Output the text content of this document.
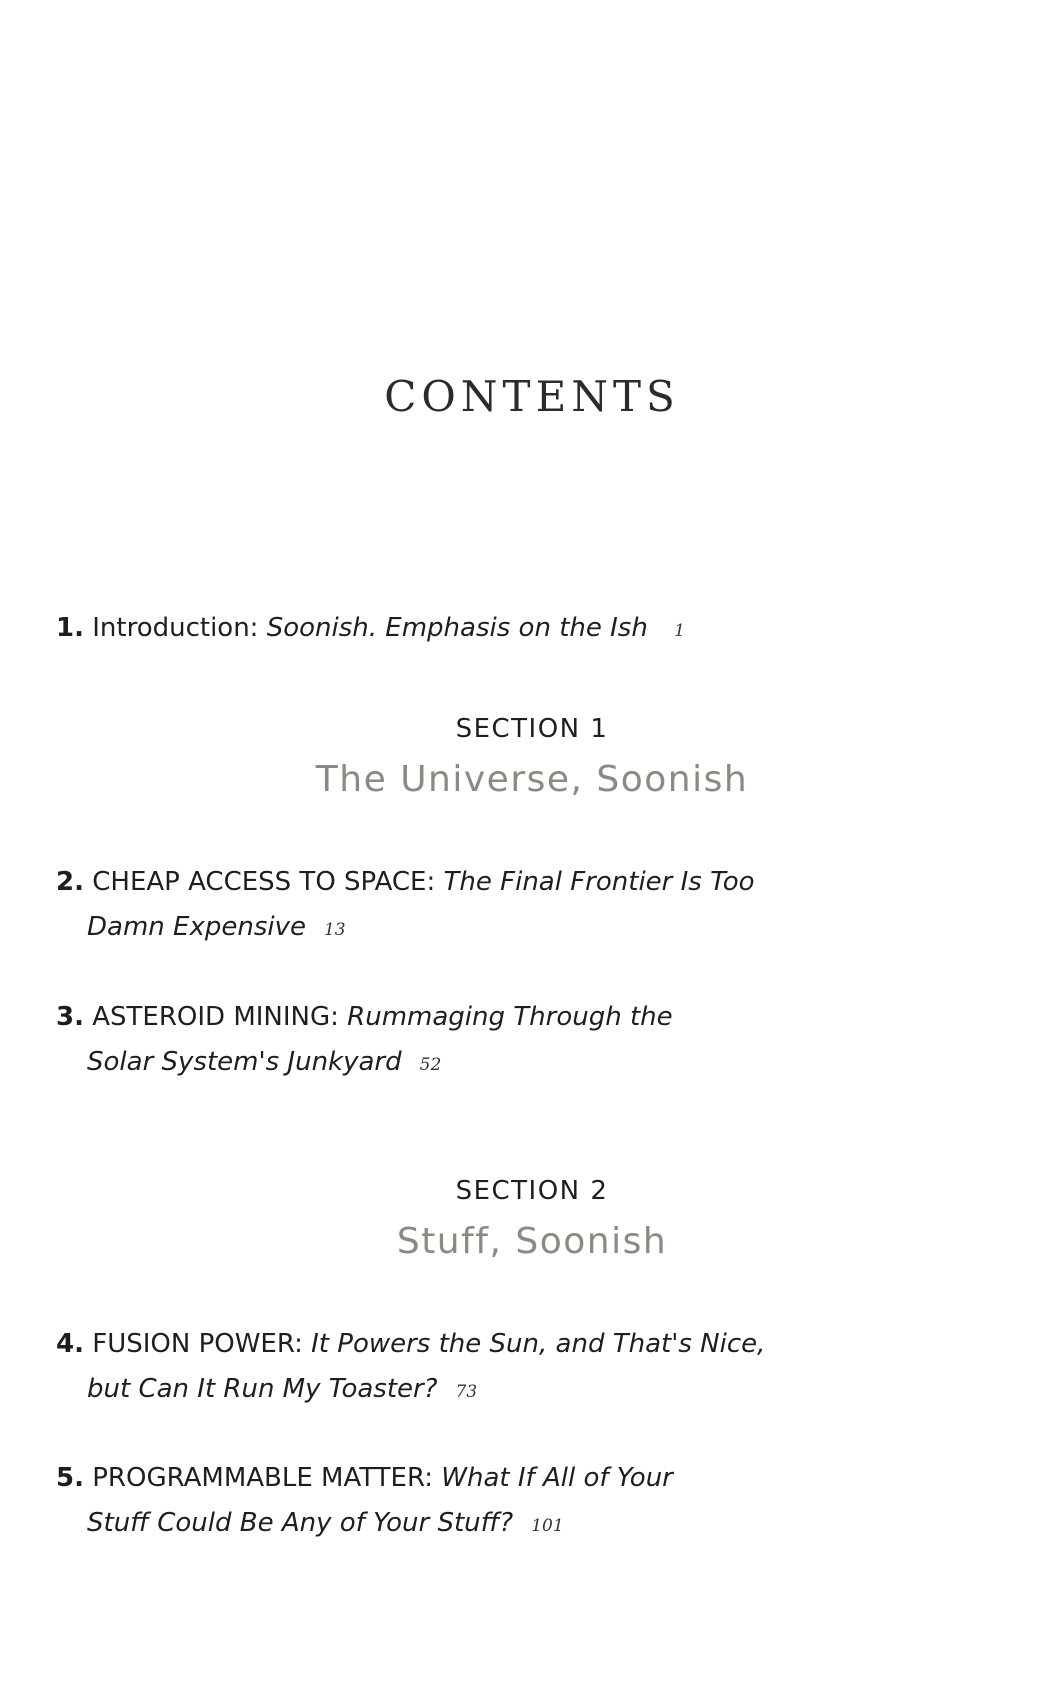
CONTENTS
1. Introduction: Soonish. Emphasis on the Ish 1
SECTION 1
The Universe, Soonish
2. CHEAP ACCESS TO SPACE: The Final Frontier Is Too
Damn Expensive 13
3. ASTEROID MINING: Rummaging Through the
Solar System's Junkyard 52
SECTION 2
Stuff, Soonish
4. FUSION POWER: It Powers the Sun, and That's Nice,
but Can It Run My Toaster? 73
5. PROGRAMMABLE MATTER: What If All of Your
Stuff Could Be Any of Your Stuff? 101
